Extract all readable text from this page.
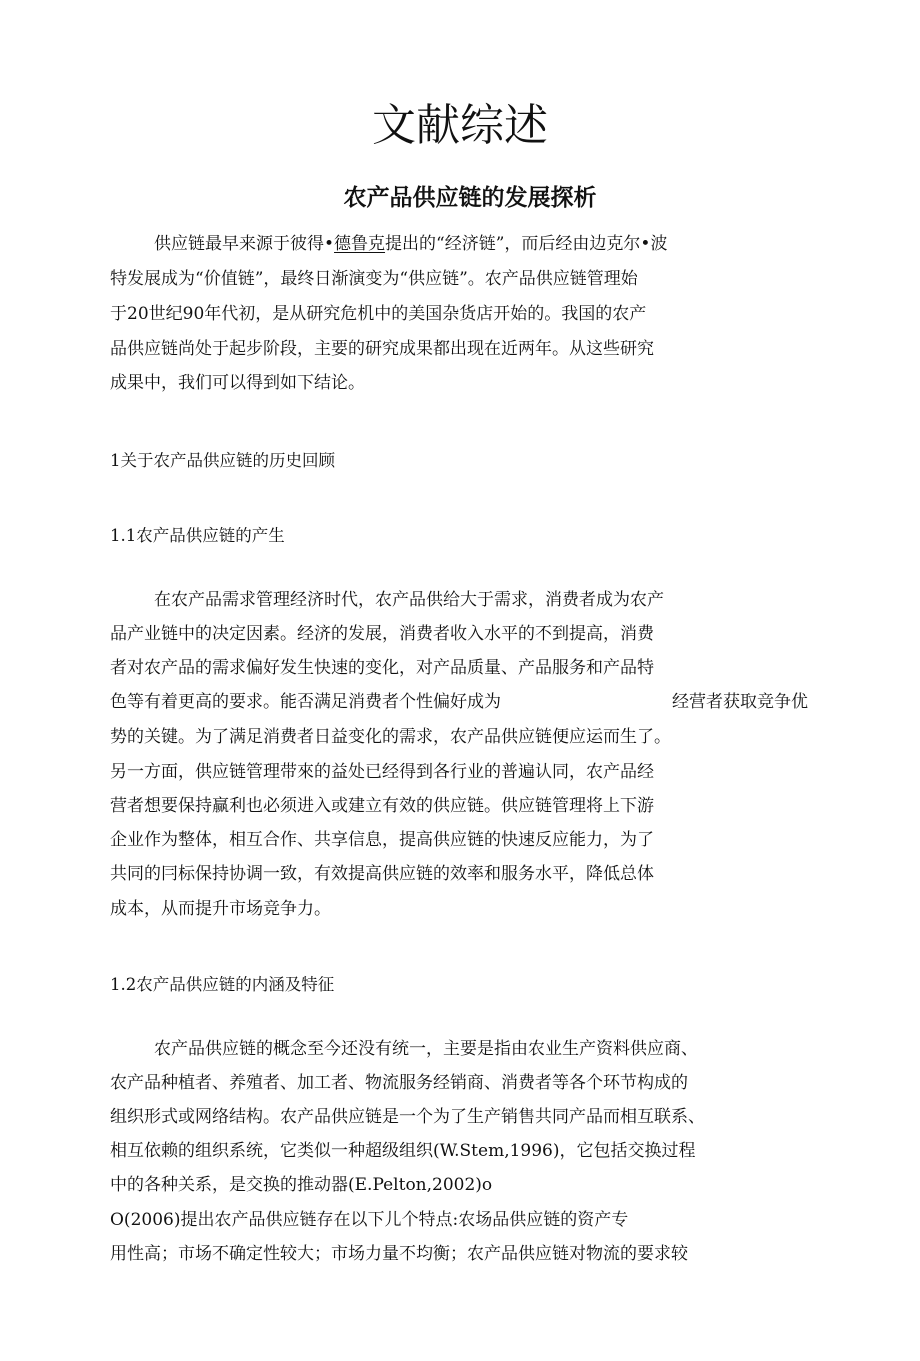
文献综述
农产品供应链的发展探析

供应链最早来源于彼得•德鲁克提出的“经济链”，而后经由边克尔•波

特发展成为“价值链”，最终日渐演变为“供应链”。农产品供应链管理始

于20世纪90年代初，是从研究危机中的美国杂货店开始的。我国的农产

品供应链尚处于起步阶段，主要的研究成果都出现在近两年。从这些研究

成果中，我们可以得到如下结论。

1关于农产品供应链的历史回顾

1.1农产品供应链的产生

在农产品需求管理经济时代，农产品供给大于需求，消费者成为农产

品产业链中的决定因素。经济的发展，消费者收入水平的不到提高，消费

者对农产品的需求偏好发生快速的变化，对产品质量、产品服务和产品特

色等有着更高的要求。能否满足消费者个性偏好成为	经营者获取竞争优

势的关键。为了满足消费者日益变化的需求，农产品供应链便应运而生了。

另一方面，供应链管理带來的益处已经得到各行业的普遍认同，农产品经

营者想要保持赢利也必须进入或建立有效的供应链。供应链管理将上下游

企业作为整体，相互合作、共享信息，提高供应链的快速反应能力，为了

共同的冃标保持协调一致，有效提高供应链的效率和服务水平，降低总体

成本，从而提升市场竞争力。

1.2农产品供应链的内涵及特征

农产品供应链的概念至今还没有统一，主要是指由农业生产资料供应商、

农产品种植者、养殖者、加工者、物流服务经销商、消费者等各个环节构成的

组织形式或网络结构。农产品供应链是一个为了生产销售共同产品而相互联系、

相互依赖的组织系统，它类似一种超级组织(W.Stem,1996)，它包括交换过程

中的各种关系，是交换的推动器(E.Pelton,2002)o

O(2006)提出农产品供应链存在以下儿个特点:农场品供应链的资产专

用性高；市场不确定性较大；市场力量不均衡；农产品供应链对物流的要求较
